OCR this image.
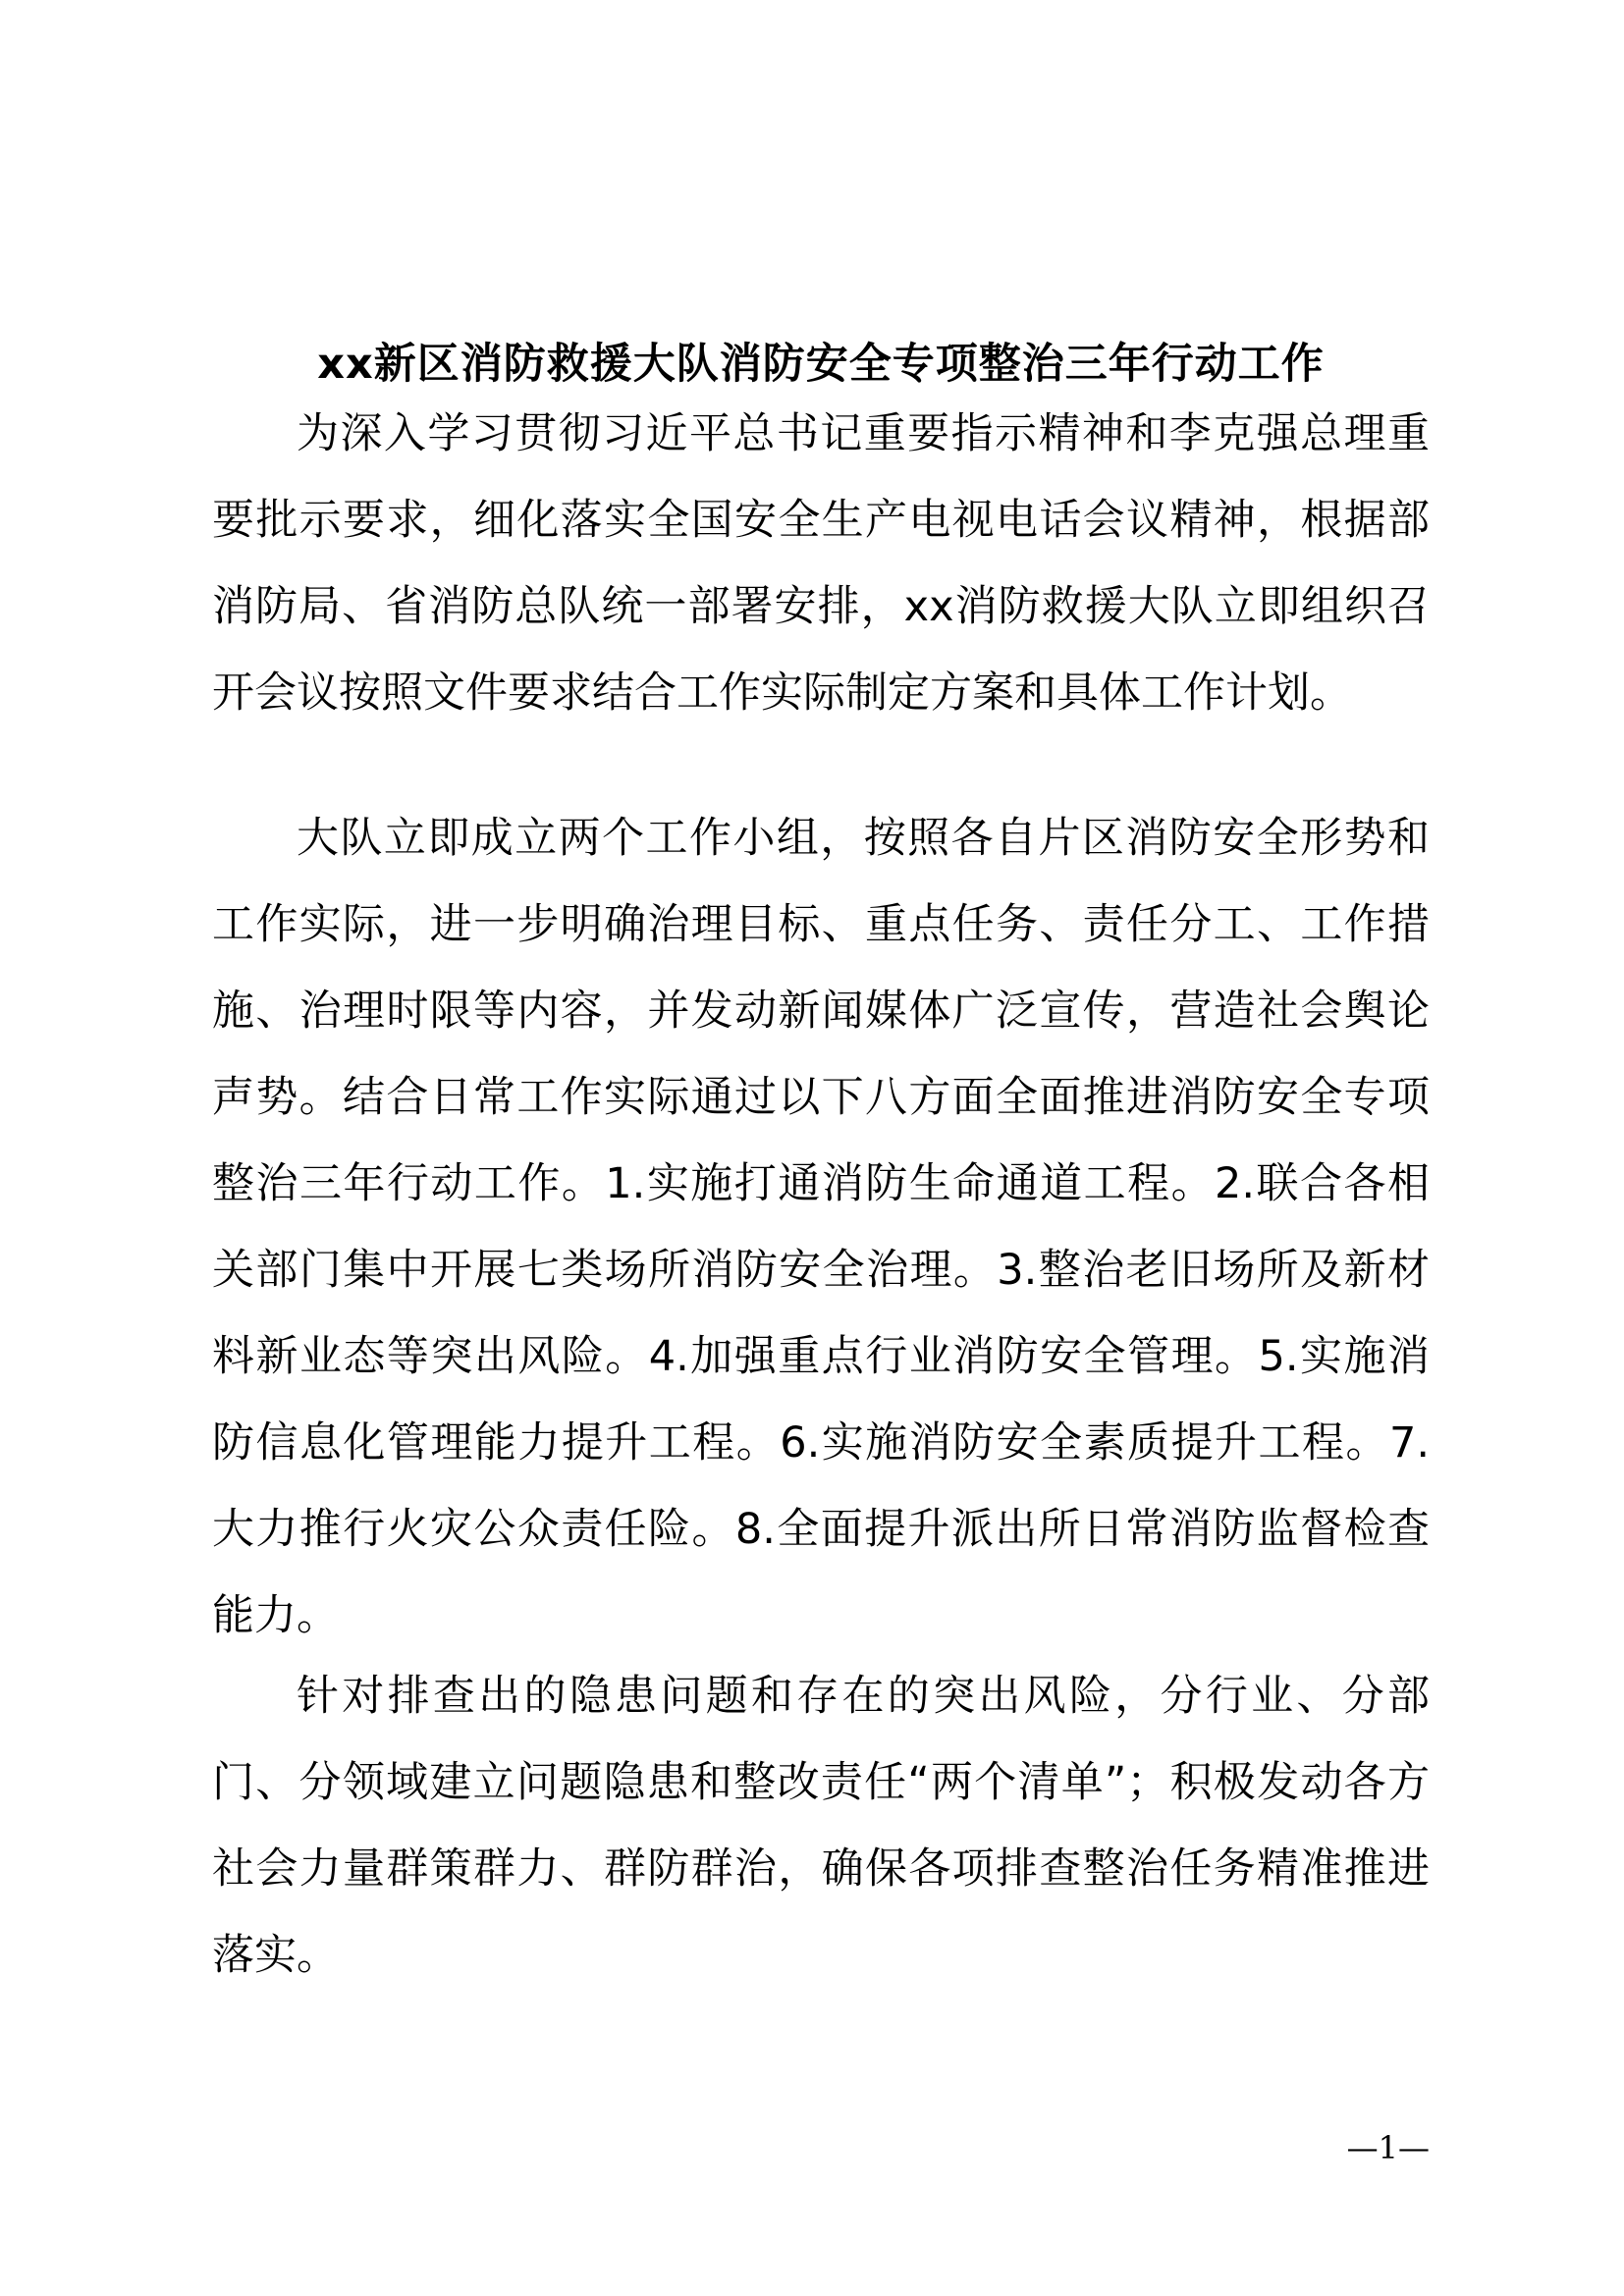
xx新区消防救援大队消防安全专项整治三年行动工作

为深入学习贯彻习近平总书记重要指示精神和李克强总理重要批示要求，细化落实全国安全生产电视电话会议精神，根据部消防局、省消防总队统一部署安排，xx消防救援大队立即组织召开会议按照文件要求结合工作实际制定方案和具体工作计划。

大队立即成立两个工作小组，按照各自片区消防安全形势和工作实际，进一步明确治理目标、重点任务、责任分工、工作措施、治理时限等内容，并发动新闻媒体广泛宣传，营造社会舆论声势。结合日常工作实际通过以下八方面全面推进消防安全专项整治三年行动工作。1.实施打通消防生命通道工程。2.联合各相关部门集中开展七类场所消防安全治理。3.整治老旧场所及新材料新业态等突出风险。4.加强重点行业消防安全管理。5.实施消防信息化管理能力提升工程。6.实施消防安全素质提升工程。7.大力推行火灾公众责任险。8.全面提升派出所日常消防监督检查能力。

针对排查出的隐患问题和存在的突出风险，分行业、分部门、分领域建立问题隐患和整改责任“两个清单”；积极发动各方社会力量群策群力、群防群治，确保各项排查整治任务精准推进落实。

—1—
